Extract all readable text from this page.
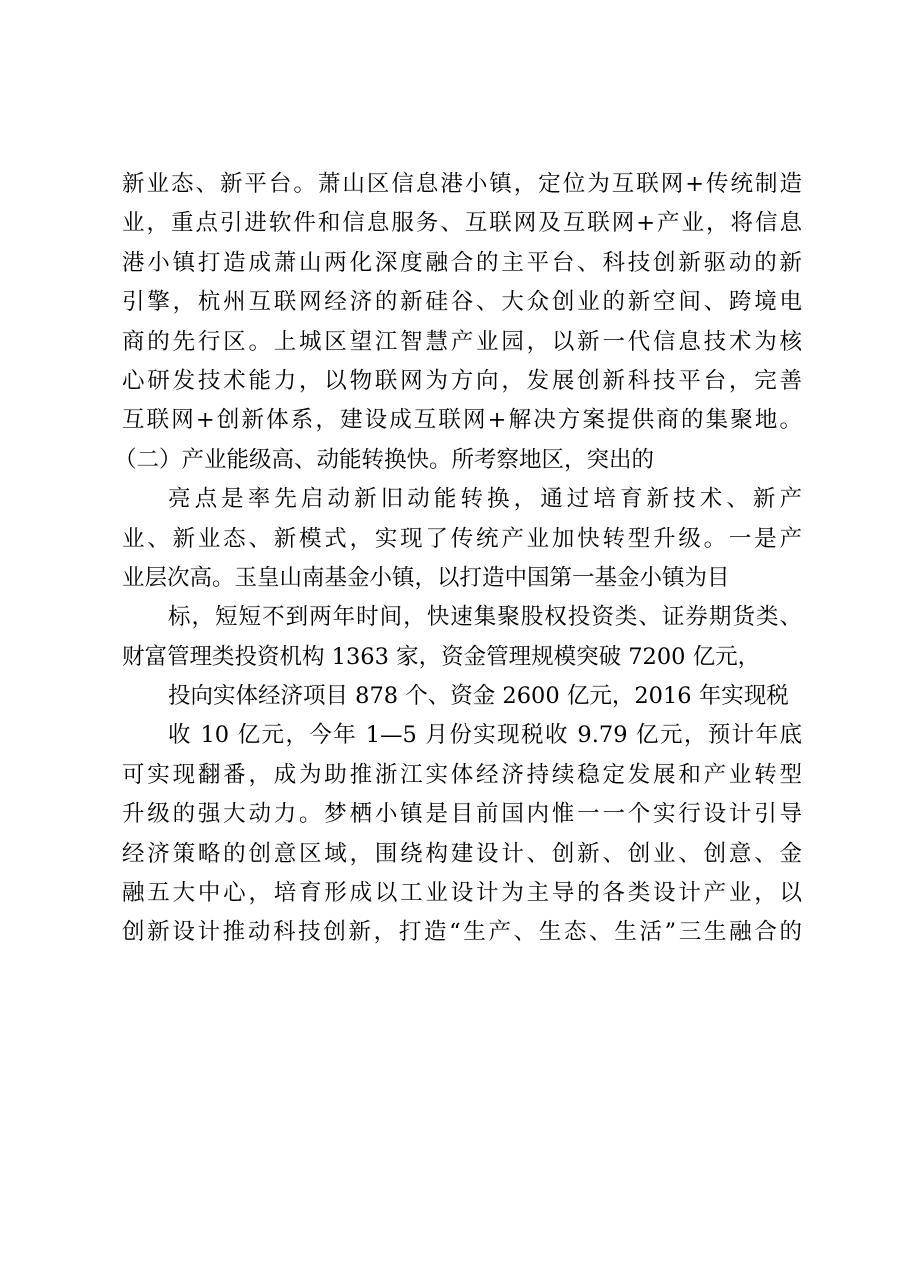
新业态、新平台。萧山区信息港小镇，定位为互联网+传统制造
业，重点引进软件和信息服务、互联网及互联网+产业，将信息
港小镇打造成萧山两化深度融合的主平台、科技创新驱动的新
引擎，杭州互联网经济的新硅谷、大众创业的新空间、跨境电
商的先行区。上城区望江智慧产业园，以新一代信息技术为核
心研发技术能力，以物联网为方向，发展创新科技平台，完善
互联网+创新体系，建设成互联网+解决方案提供商的集聚地。
（二）产业能级高、动能转换快。所考察地区，突出的
亮点是率先启动新旧动能转换，通过培育新技术、新产
业、新业态、新模式，实现了传统产业加快转型升级。一是产
业层次高。玉皇山南基金小镇，以打造中国第一基金小镇为目
标，短短不到两年时间，快速集聚股权投资类、证券期货类、
财富管理类投资机构 1363 家，资金管理规模突破 7200 亿元，
投向实体经济项目 878 个、资金 2600 亿元，2016 年实现税
收 10 亿元，今年 1—5 月份实现税收 9.79 亿元，预计年底
可实现翻番，成为助推浙江实体经济持续稳定发展和产业转型
升级的强大动力。梦栖小镇是目前国内惟一一个实行设计引导
经济策略的创意区域，围绕构建设计、创新、创业、创意、金
融五大中心，培育形成以工业设计为主导的各类设计产业，以
创新设计推动科技创新，打造“生产、生态、生活”三生融合的
